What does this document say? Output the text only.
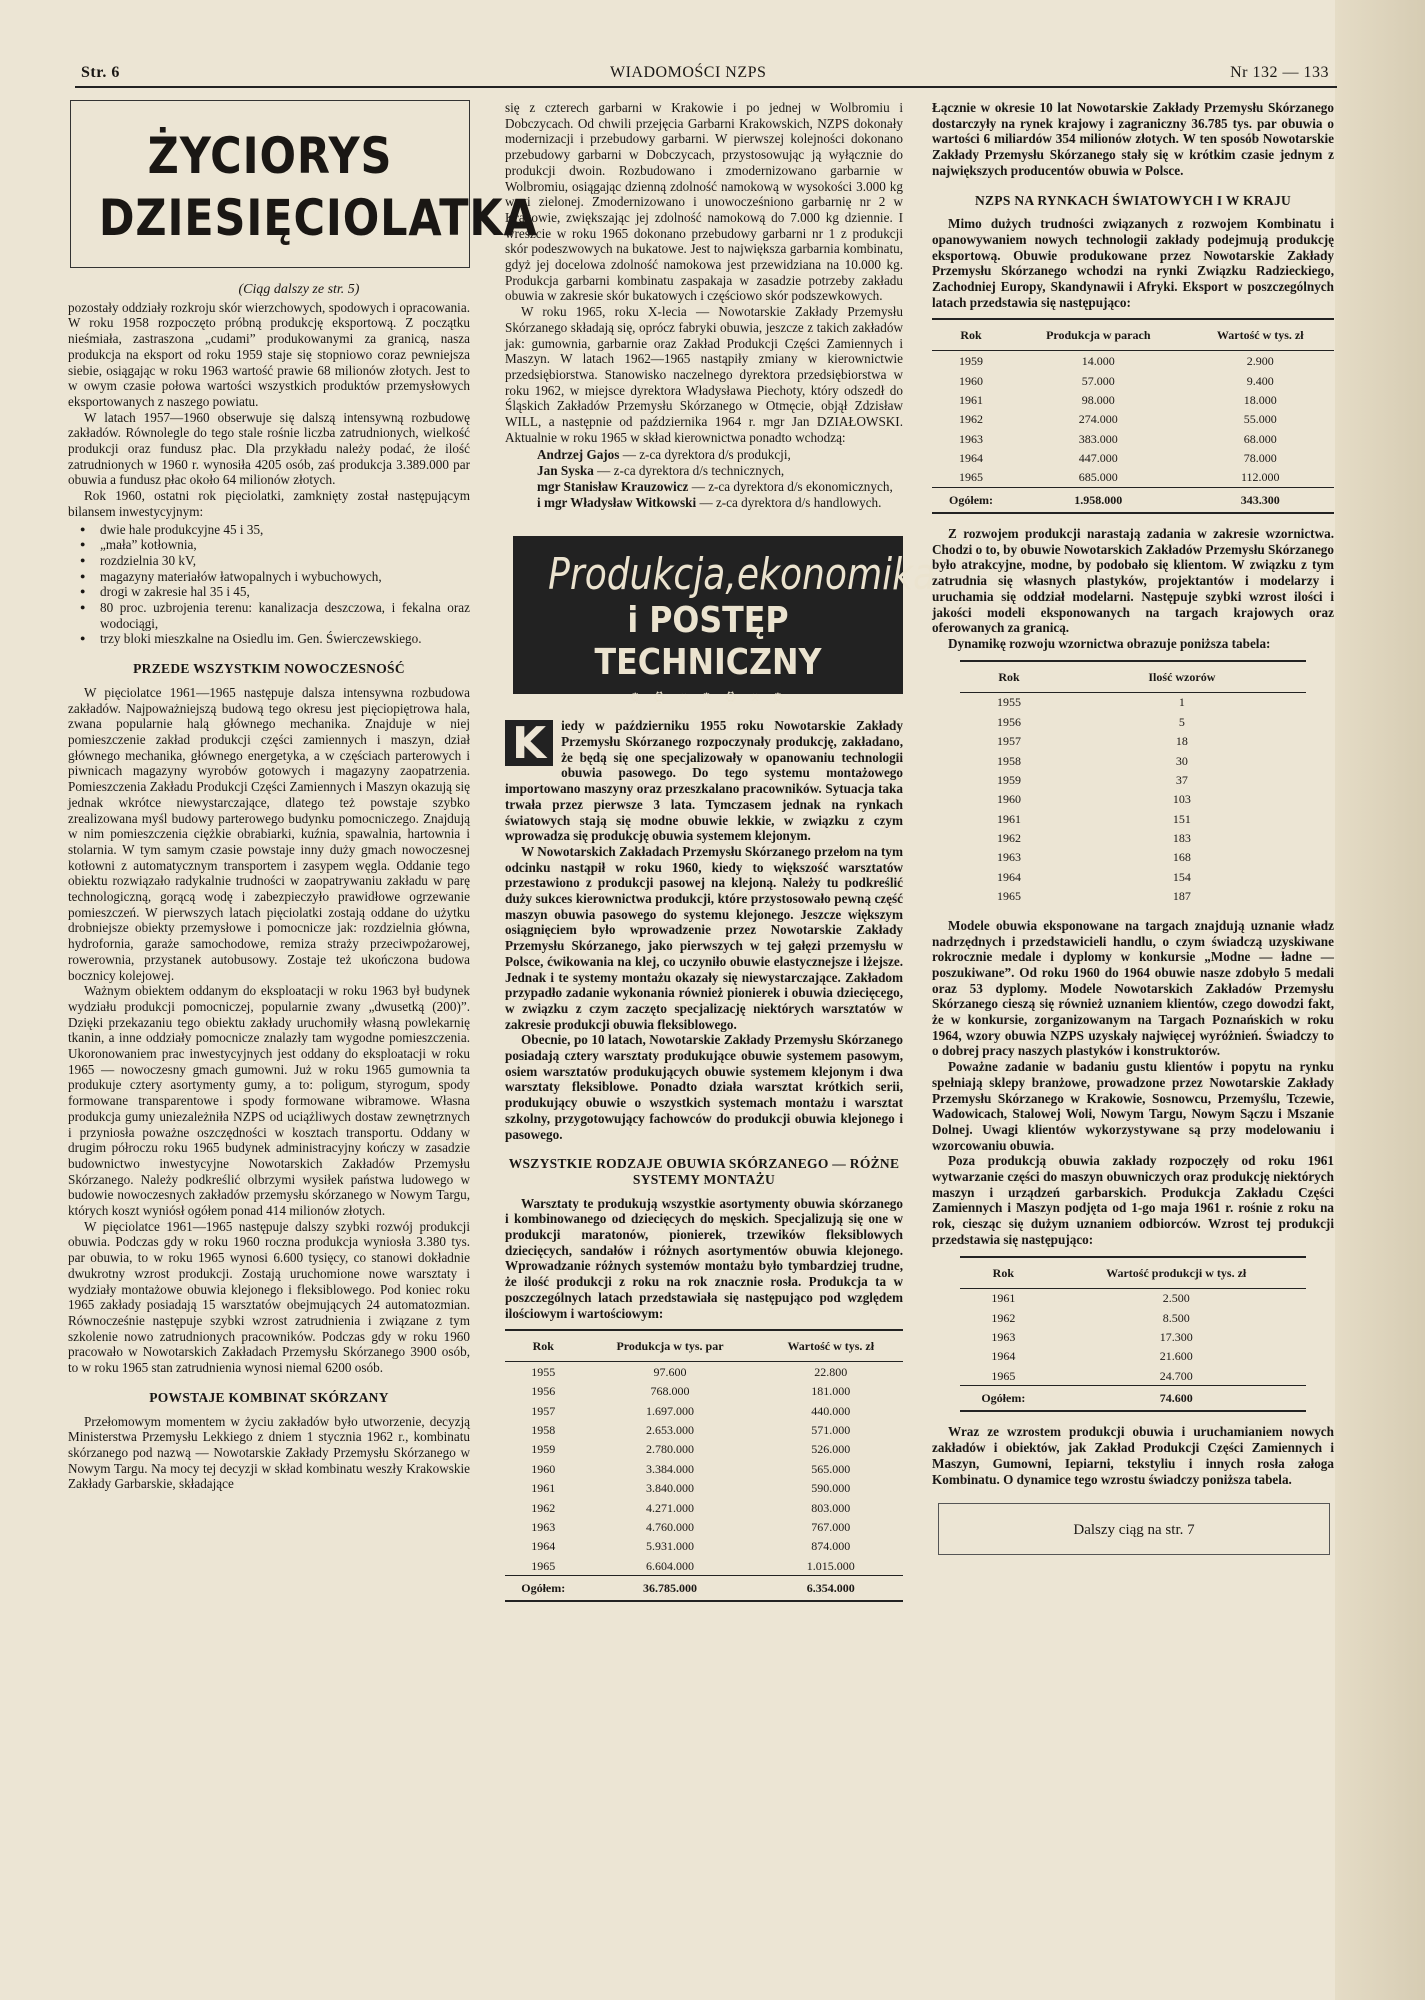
Str. 6	WIADOMOŚCI NZPS	Nr 132 — 133
ŻYCIORYS
DZIESIĘCIOLATKA
(Ciąg dalszy ze str. 5)

pozostały oddziały rozkroju skór wierzchowych, spodowych i opracowania. W roku 1958 rozpoczęto próbną produkcję eksportową. Z początku nieśmiała, zastraszona „cudami” produkowanymi za granicą, nasza produkcja na eksport od roku 1959 staje się stopniowo coraz pewniejsza siebie, osiągając w roku 1963 wartość prawie 68 milionów złotych. Jest to w owym czasie połowa wartości wszystkich produktów przemysłowych eksportowanych z naszego powiatu.

W latach 1957—1960 obserwuje się dalszą intensywną rozbudowę zakładów. Równolegle do tego stale rośnie liczba zatrudnionych, wielkość produkcji oraz fundusz płac. Dla przykładu należy podać, że ilość zatrudnionych w 1960 r. wynosiła 4205 osób, zaś produkcja 3.389.000 par obuwia a fundusz płac około 64 milionów złotych.

Rok 1960, ostatni rok pięciolatki, zamknięty został następującym bilansem inwestycyjnym:

● dwie hale produkcyjne 45 i 35,
● „mała” kotłownia,
● rozdzielnia 30 kV,
● magazyny materiałów łatwopalnych i wybuchowych,
● drogi w zakresie hal 35 i 45,
● 80 proc. uzbrojenia terenu: kanalizacja deszczowa, i fekalna oraz wodociągi,
● trzy bloki mieszkalne na Osiedlu im. Gen. Świerczewskiego.
PRZEDE WSZYSTKIM NOWOCZESNOŚĆ

W pięciolatce 1961—1965 następuje dalsza intensywna rozbudowa zakładów. Najpoważniejszą budową tego okresu jest pięciopiętrowa hala, zwana popularnie halą głównego mechanika. Znajduje w niej pomieszczenie zakład produkcji części zamiennych i maszyn, dział głównego mechanika, głównego energetyka, a w częściach parterowych i piwnicach magazyny wyrobów gotowych i magazyny zaopatrzenia. Pomieszczenia Zakładu Produkcji Części Zamiennych i Maszyn okazują się jednak wkrótce niewystarczające, dlatego też powstaje szybko zrealizowana myśl budowy parterowego budynku pomocniczego. Znajdują w nim pomieszczenia ciężkie obrabiarki, kuźnia, spawalnia, hartownia i stolarnia. W tym samym czasie powstaje inny duży gmach nowoczesnej kotłowni z automatycznym transportem i zasypem węgla. Oddanie tego obiektu rozwiązało radykalnie trudności w zaopatrywaniu zakładu w parę technologiczną, gorącą wodę i zabezpieczyło prawidłowe ogrzewanie pomieszczeń. W pierwszych latach pięciolatki zostają oddane do użytku drobniejsze obiekty przemysłowe i pomocnicze jak: rozdzielnia główna, hydrofornia, garaże samochodowe, remiza straży przeciwpożarowej, rowerownia, przystanek autobusowy. Zostaje też ukończona budowa bocznicy kolejowej.

Ważnym obiektem oddanym do eksploatacji w roku 1963 był budynek wydziału produkcji pomocniczej, popularnie zwany „dwusetką (200)”. Dzięki przekazaniu tego obiektu zakłady uruchomiły własną powlekarnię tkanin, a inne oddziały pomocnicze znalazły tam wygodne pomieszczenia. Ukoronowaniem prac inwestycyjnych jest oddany do eksploatacji w roku 1965 — nowoczesny gmach gumowni. Już w roku 1965 gumownia ta produkuje cztery asortymenty gumy, a to: poligum, styrogum, spody formowane transparentowe i spody formowane wibramowe. Własna produkcja gumy uniezależniła NZPS od uciążliwych dostaw zewnętrznych i przyniosła poważne oszczędności w kosztach transportu. Oddany w drugim półroczu roku 1965 budynek administracyjny kończy w zasadzie budownictwo inwestycyjne Nowotarskich Zakładów Przemysłu Skórzanego. Należy podkreślić olbrzymi wysiłek państwa ludowego w budowie nowoczesnych zakładów przemysłu skórzanego w Nowym Targu, których koszt wyniósł ogółem ponad 414 milionów złotych.

W pięciolatce 1961—1965 następuje dalszy szybki rozwój produkcji obuwia. Podczas gdy w roku 1960 roczna produkcja wyniosła 3.380 tys. par obuwia, to w roku 1965 wynosi 6.600 tysięcy, co stanowi dokładnie dwukrotny wzrost produkcji. Zostają uruchomione nowe warsztaty i wydziały montażowe obuwia klejonego i fleksiblowego. Pod koniec roku 1965 zakłady posiadają 15 warsztatów obejmujących 24 automatozmian. Równocześnie następuje szybki wzrost zatrudnienia i związane z tym szkolenie nowo zatrudnionych pracowników. Podczas gdy w roku 1960 pracowało w Nowotarskich Zakładach Przemysłu Skórzanego 3900 osób, to w roku 1965 stan zatrudnienia wynosi niemal 6200 osób.

POWSTAJE KOMBINAT SKÓRZANY

Przełomowym momentem w życiu zakładów było utworzenie, decyzją Ministerstwa Przemysłu Lekkiego z dniem 1 stycznia 1962 r., kombinatu skórzanego pod nazwą — Nowotarskie Zakłady Przemysłu Skórzanego w Nowym Targu. Na mocy tej decyzji w skład kombinatu weszły Krakowskie Zakłady Garbarskie, składające

się z czterech garbarni w Krakowie i po jednej w Wolbromiu i Dobczycach. Od chwili przejęcia Garbarni Krakowskich, NZPS dokonały modernizacji i przebudowy garbarni. W pierwszej kolejności dokonano przebudowy garbarni w Dobczycach, przystosowując ją wyłącznie do produkcji dwoin. Rozbudowano i zmodernizowano garbarnie w Wolbromiu, osiągając dzienną zdolność namokową w wysokości 3.000 kg wagi zielonej. Zmodernizowano i unowocześniono garbarnię nr 2 w Krakowie, zwiększając jej zdolność namokową do 7.000 kg dziennie. I wreszcie w roku 1965 dokonano przebudowy garbarni nr 1 z produkcji skór podeszwowych na bukatowe. Jest to największa garbarnia kombinatu, gdyż jej docelowa zdolność namokowa jest przewidziana na 10.000 kg. Produkcja garbarni kombinatu zaspakaja w zasadzie potrzeby zakładu obuwia w zakresie skór bukatowych i częściowo skór podszewkowych.

W roku 1965, roku X-lecia — Nowotarskie Zakłady Przemysłu Skórzanego składają się, oprócz fabryki obuwia, jeszcze z takich zakładów jak: gumownia, garbarnie oraz Zakład Produkcji Części Zamiennych i Maszyn. W latach 1962—1965 nastąpiły zmiany w kierownictwie przedsiębiorstwa. Stanowisko naczelnego dyrektora przedsiębiorstwa w roku 1962, w miejsce dyrektora Władysława Piechoty, który odszedł do Śląskich Zakładów Przemysłu Skórzanego w Otmęcie, objął Zdzisław WILL, a następnie od października 1964 r. mgr Jan DZIAŁOWSKI. Aktualnie w roku 1965 w skład kierownictwa ponadto wchodzą:

Andrzej Gajos — z-ca dyrektora d/s produkcji,
Jan Syska — z-ca dyrektora d/s technicznych,
mgr Stanisław Krauzowicz — z-ca dyrektora d/s ekonomicznych,
i mgr Władysław Witkowski — z-ca dyrektora d/s handlowych.
Produkcja,ekonomika
i POSTĘP TECHNICZNY
⚙ ⛭ ⚒ ⚙ ⛭ ⚒ ⚙

K	iedy w październiku 1955 roku Nowotarskie Zakłady Przemysłu Skórzanego rozpoczynały produkcję, zakładano, że będą się one specjalizowały w opanowaniu technologii obuwia pasowego. Do tego systemu montażowego importowano maszyny oraz przeszkalano pracowników. Sytuacja taka trwała przez pierwsze 3 lata. Tymczasem jednak na rynkach światowych stają się modne obuwie lekkie, w związku z czym wprowadza się produkcję obuwia systemem klejonym.

W Nowotarskich Zakładach Przemysłu Skórzanego przełom na tym odcinku nastąpił w roku 1960, kiedy to większość warsztatów przestawiono z produkcji pasowej na klejoną. Należy tu podkreślić duży sukces kierownictwa produkcji, które przystosowało pewną część maszyn obuwia pasowego do systemu klejonego. Jeszcze większym osiągnięciem było wprowadzenie przez Nowotarskie Zakłady Przemysłu Skórzanego, jako pierwszych w tej gałęzi przemysłu w Polsce, ćwikowania na klej, co uczyniło obuwie elastycznejsze i lżejsze. Jednak i te systemy montażu okazały się niewystarczające. Zakładom przypadło zadanie wykonania również pionierek i obuwia dziecięcego, w związku z czym zaczęto specjalizację niektórych warsztatów w zakresie produkcji obuwia fleksiblowego.

Obecnie, po 10 latach, Nowotarskie Zakłady Przemysłu Skórzanego posiadają cztery warsztaty produkujące obuwie systemem pasowym, osiem warsztatów produkujących obuwie systemem klejonym i dwa warsztaty fleksiblowe. Ponadto działa warsztat krótkich serii, produkujący obuwie o wszystkich systemach montażu i warsztat szkolny, przygotowujący fachowców do produkcji obuwia klejonego i pasowego.

WSZYSTKIE RODZAJE OBUWIA SKÓRZANEGO — RÓŻNE SYSTEMY MONTAŻU

Warsztaty te produkują wszystkie asortymenty obuwia skórzanego i kombinowanego od dziecięcych do męskich. Specjalizują się one w produkcji maratonów, pionierek, trzewików fleksiblowych dziecięcych, sandałów i różnych asortymentów obuwia klejonego. Wprowadzanie różnych systemów montażu było tymbardziej trudne, że ilość produkcji z roku na rok znacznie rosła. Produkcja ta w poszczególnych latach przedstawiała się następująco pod względem ilościowym i wartościowym:

Rok	Produkcja w tys. par	Wartość w tys. zł
1955	97.600	22.800
1956	768.000	181.000
1957	1.697.000	440.000
1958	2.653.000	571.000
1959	2.780.000	526.000
1960	3.384.000	565.000
1961	3.840.000	590.000
1962	4.271.000	803.000
1963	4.760.000	767.000
1964	5.931.000	874.000
1965	6.604.000	1.015.000
Ogółem:	36.785.000	6.354.000

Łącznie w okresie 10 lat Nowotarskie Zakłady Przemysłu Skórzanego dostarczyły na rynek krajowy i zagraniczny 36.785 tys. par obuwia o wartości 6 miliardów 354 milionów złotych. W ten sposób Nowotarskie Zakłady Przemysłu Skórzanego stały się w krótkim czasie jednym z największych producentów obuwia w Polsce.

NZPS NA RYNKACH ŚWIATOWYCH I W KRAJU

Mimo dużych trudności związanych z rozwojem Kombinatu i opanowywaniem nowych technologii zakłady podejmują produkcję eksportową. Obuwie produkowane przez Nowotarskie Zakłady Przemysłu Skórzanego wchodzi na rynki Związku Radzieckiego, Zachodniej Europy, Skandynawii i Afryki. Eksport w poszczególnych latach przedstawia się następująco:

Rok	Produkcja w parach	Wartość w tys. zł
1959	14.000	2.900
1960	57.000	9.400
1961	98.000	18.000
1962	274.000	55.000
1963	383.000	68.000
1964	447.000	78.000
1965	685.000	112.000
Ogółem:	1.958.000	343.300

Z rozwojem produkcji narastają zadania w zakresie wzornictwa. Chodzi o to, by obuwie Nowotarskich Zakładów Przemysłu Skórzanego było atrakcyjne, modne, by podobało się klientom. W związku z tym zatrudnia się własnych plastyków, projektantów i modelarzy i uruchamia się oddział modelarni. Następuje szybki wzrost ilości i jakości modeli eksponowanych na targach krajowych oraz oferowanych za granicą.

Dynamikę rozwoju wzornictwa obrazuje poniższa tabela:

Rok	Ilość wzorów
1955	1
1956	5
1957	18
1958	30
1959	37
1960	103
1961	151
1962	183
1963	168
1964	154
1965	187

Modele obuwia eksponowane na targach znajdują uznanie władz nadrzędnych i przedstawicieli handlu, o czym świadczą uzyskiwane rokrocznie medale i dyplomy w konkursie „Modne — ładne — poszukiwane”. Od roku 1960 do 1964 obuwie nasze zdobyło 5 medali oraz 53 dyplomy. Modele Nowotarskich Zakładów Przemysłu Skórzanego cieszą się również uznaniem klientów, czego dowodzi fakt, że w konkursie, zorganizowanym na Targach Poznańskich w roku 1964, wzory obuwia NZPS uzyskały najwięcej wyróżnień. Świadczy to o dobrej pracy naszych plastyków i konstruktorów.

Poważne zadanie w badaniu gustu klientów i popytu na rynku spełniają sklepy branżowe, prowadzone przez Nowotarskie Zakłady Przemysłu Skórzanego w Krakowie, Sosnowcu, Przemyślu, Tczewie, Wadowicach, Stalowej Woli, Nowym Targu, Nowym Sączu i Mszanie Dolnej. Uwagi klientów wykorzystywane są przy modelowaniu i wzorcowaniu obuwia.

Poza produkcją obuwia zakłady rozpoczęły od roku 1961 wytwarzanie części do maszyn obuwniczych oraz produkcję niektórych maszyn i urządzeń garbarskich. Produkcja Zakładu Części Zamiennych i Maszyn podjęta od 1-go maja 1961 r. rośnie z roku na rok, ciesząc się dużym uznaniem odbiorców. Wzrost tej produkcji przedstawia się następująco:

Rok	Wartość produkcji w tys. zł
1961	2.500
1962	8.500
1963	17.300
1964	21.600
1965	24.700
Ogółem:	74.600

Wraz ze wzrostem produkcji obuwia i uruchamianiem nowych zakładów i obiektów, jak Zakład Produkcji Części Zamiennych i Maszyn, Gumowni, Iepiarni, tekstyliu i innych rosła załoga Kombinatu. O dynamice tego wzrostu świadczy poniższa tabela.

Dalszy ciąg na str. 7
